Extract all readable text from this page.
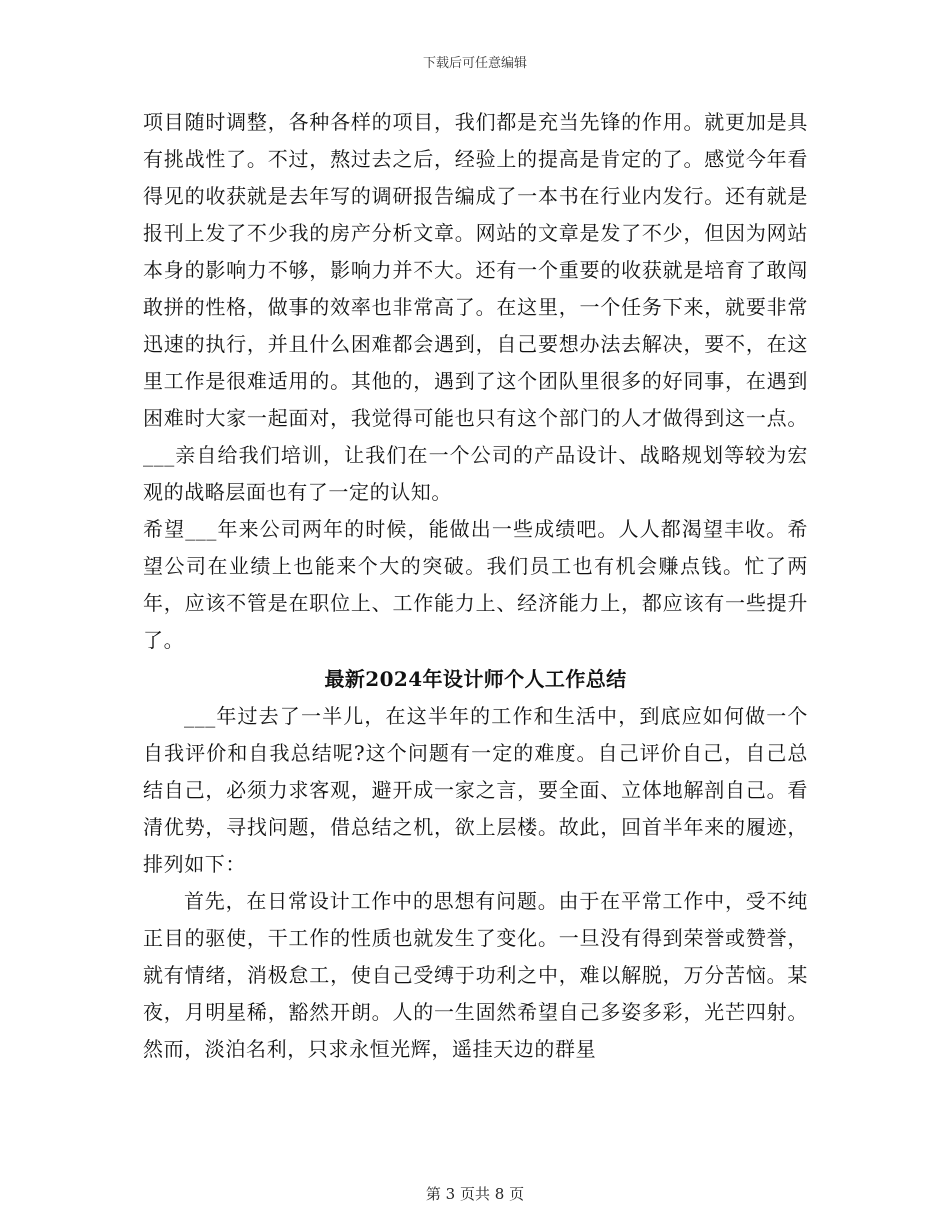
下载后可任意编辑

项目随时调整，各种各样的项目，我们都是充当先锋的作用。就更加是具有挑战性了。不过，熬过去之后，经验上的提高是肯定的了。感觉今年看得见的收获就是去年写的调研报告编成了一本书在行业内发行。还有就是报刊上发了不少我的房产分析文章。网站的文章是发了不少，但因为网站本身的影响力不够，影响力并不大。还有一个重要的收获就是培育了敢闯敢拼的性格，做事的效率也非常高了。在这里，一个任务下来，就要非常迅速的执行，并且什么困难都会遇到，自己要想办法去解决，要不，在这里工作是很难适用的。其他的，遇到了这个团队里很多的好同事，在遇到困难时大家一起面对，我觉得可能也只有这个部门的人才做得到这一点。___亲自给我们培训，让我们在一个公司的产品设计、战略规划等较为宏观的战略层面也有了一定的认知。

希望___年来公司两年的时候，能做出一些成绩吧。人人都渴望丰收。希望公司在业绩上也能来个大的突破。我们员工也有机会赚点钱。忙了两年，应该不管是在职位上、工作能力上、经济能力上，都应该有一些提升了。

最新2024年设计师个人工作总结

___年过去了一半儿，在这半年的工作和生活中，到底应如何做一个自我评价和自我总结呢?这个问题有一定的难度。自己评价自己，自己总结自己，必须力求客观，避开成一家之言，要全面、立体地解剖自己。看清优势，寻找问题，借总结之机，欲上层楼。故此，回首半年来的履迹，排列如下：

首先，在日常设计工作中的思想有问题。由于在平常工作中，受不纯正目的驱使，干工作的性质也就发生了变化。一旦没有得到荣誉或赞誉，就有情绪，消极怠工，使自己受缚于功利之中，难以解脱，万分苦恼。某夜，月明星稀，豁然开朗。人的一生固然希望自己多姿多彩，光芒四射。然而，淡泊名利，只求永恒光辉，遥挂天边的群星

第 3 页共 8 页
